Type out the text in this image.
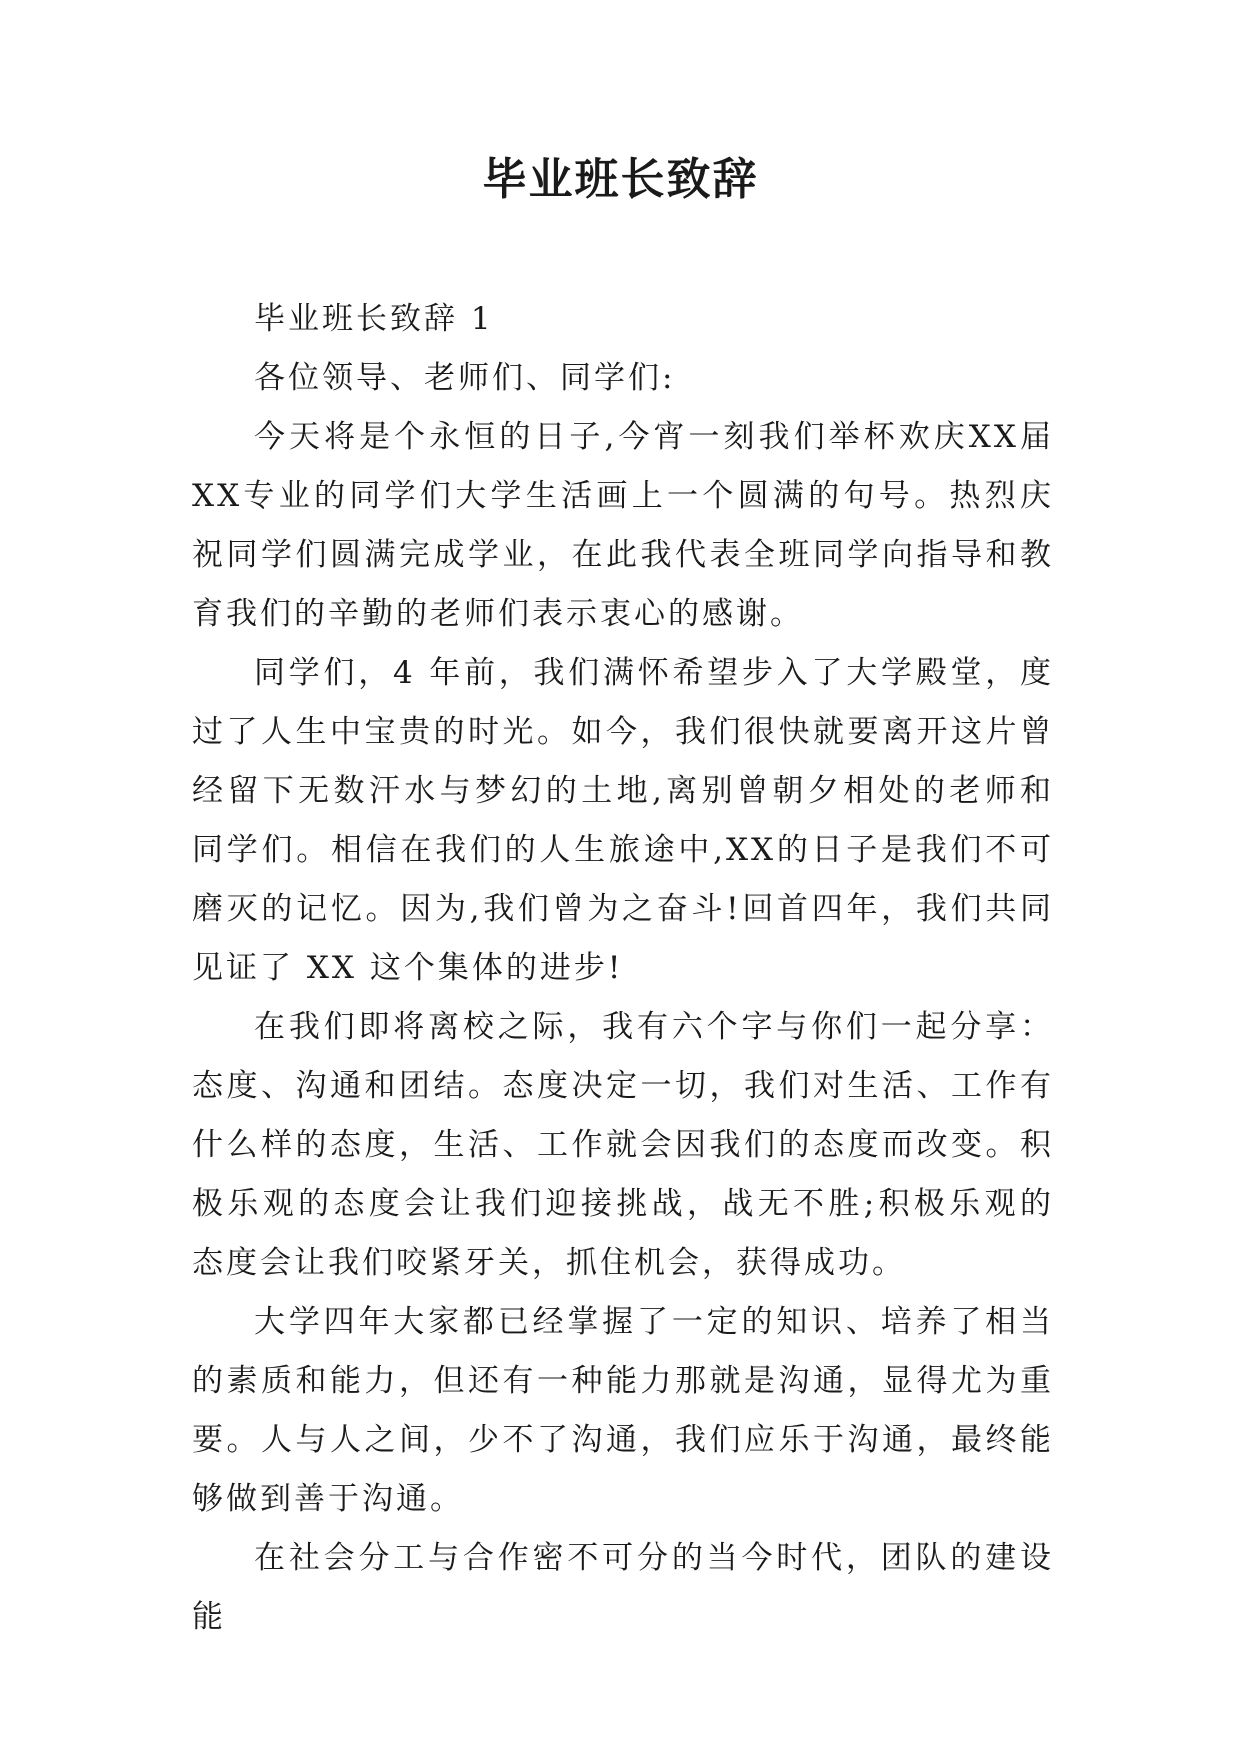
毕业班长致辞

毕业班长致辞 1

各位领导、老师们、同学们:

今天将是个永恒的日子,今宵一刻我们举杯欢庆XX届XX专业的同学们大学生活画上一个圆满的句号。热烈庆祝同学们圆满完成学业，在此我代表全班同学向指导和教育我们的辛勤的老师们表示衷心的感谢。

同学们，4 年前，我们满怀希望步入了大学殿堂，度过了人生中宝贵的时光。如今，我们很快就要离开这片曾经留下无数汗水与梦幻的土地,离别曾朝夕相处的老师和同学们。相信在我们的人生旅途中,XX的日子是我们不可磨灭的记忆。因为,我们曾为之奋斗!回首四年，我们共同见证了 XX 这个集体的进步!

在我们即将离校之际，我有六个字与你们一起分享：态度、沟通和团结。态度决定一切，我们对生活、工作有什么样的态度，生活、工作就会因我们的态度而改变。积极乐观的态度会让我们迎接挑战，战无不胜;积极乐观的态度会让我们咬紧牙关，抓住机会，获得成功。

大学四年大家都已经掌握了一定的知识、培养了相当的素质和能力，但还有一种能力那就是沟通，显得尤为重要。人与人之间，少不了沟通，我们应乐于沟通，最终能够做到善于沟通。

在社会分工与合作密不可分的当今时代，团队的建设能
